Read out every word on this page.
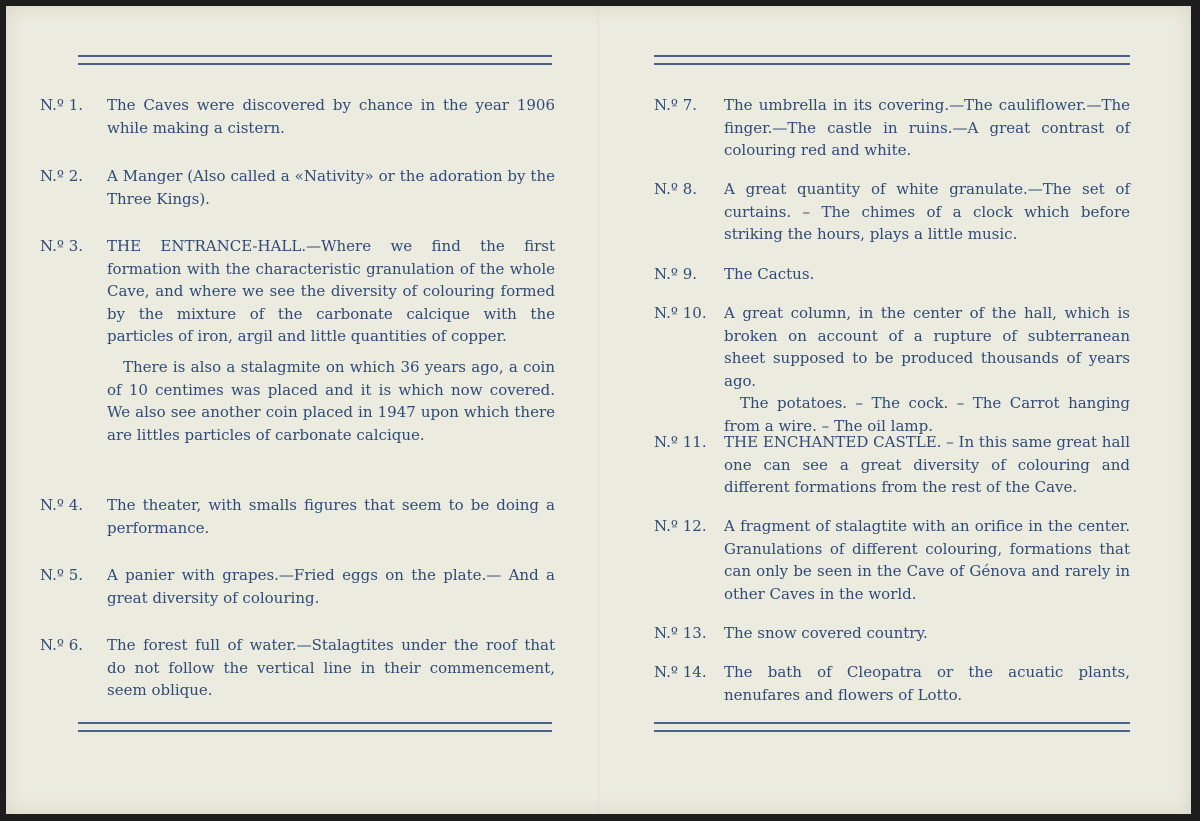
N.º 1.	The Caves were discovered by chance in the year 1906 while making a cistern.

N.º 2.	A Manger (Also called a «Nativity» or the adoration by the Three Kings).

N.º 3.	THE ENTRANCE-HALL.—Where we find the first formation with the characteristic granulation of the whole Cave, and where we see the diversity of colouring formed by the mixture of the carbonate calcique with the particles of iron, argil and little quantities of copper.

There is also a stalagmite on which 36 years ago, a coin of 10 centimes was placed and it is which now covered. We also see another coin placed in 1947 upon which there are littles particles of carbonate calcique.

N.º 4.	The theater, with smalls figures that seem to be doing a performance.

N.º 5.	A panier with grapes.—Fried eggs on the plate.— And a great diversity of colouring.

N.º 6.	The forest full of water.—Stalagtites under the roof that do not follow the vertical line in their commencement, seem oblique.

N.º 7.	The umbrella in its covering.—The cauliflower.—The finger.—The castle in ruins.—A great contrast of colouring red and white.

N.º 8.	A great quantity of white granulate.—The set of curtains. – The chimes of a clock which before striking the hours, plays a little music.

N.º 9.	The Cactus.

N.º 10.	A great column, in the center of the hall, which is broken on account of a rupture of subterranean sheet supposed to be produced thousands of years ago.

The potatoes. – The cock. – The Carrot hanging from a wire. – The oil lamp.

N.º 11.	THE ENCHANTED CASTLE. – In this same great hall one can see a great diversity of colouring and different formations from the rest of the Cave.

N.º 12.	A fragment of stalagtite with an orifice in the center. Granulations of different colouring, formations that can only be seen in the Cave of Génova and rarely in other Caves in the world.

N.º 13.	The snow covered country.

N.º 14.	The bath of Cleopatra or the acuatic plants, nenufares and flowers of Lotto.
